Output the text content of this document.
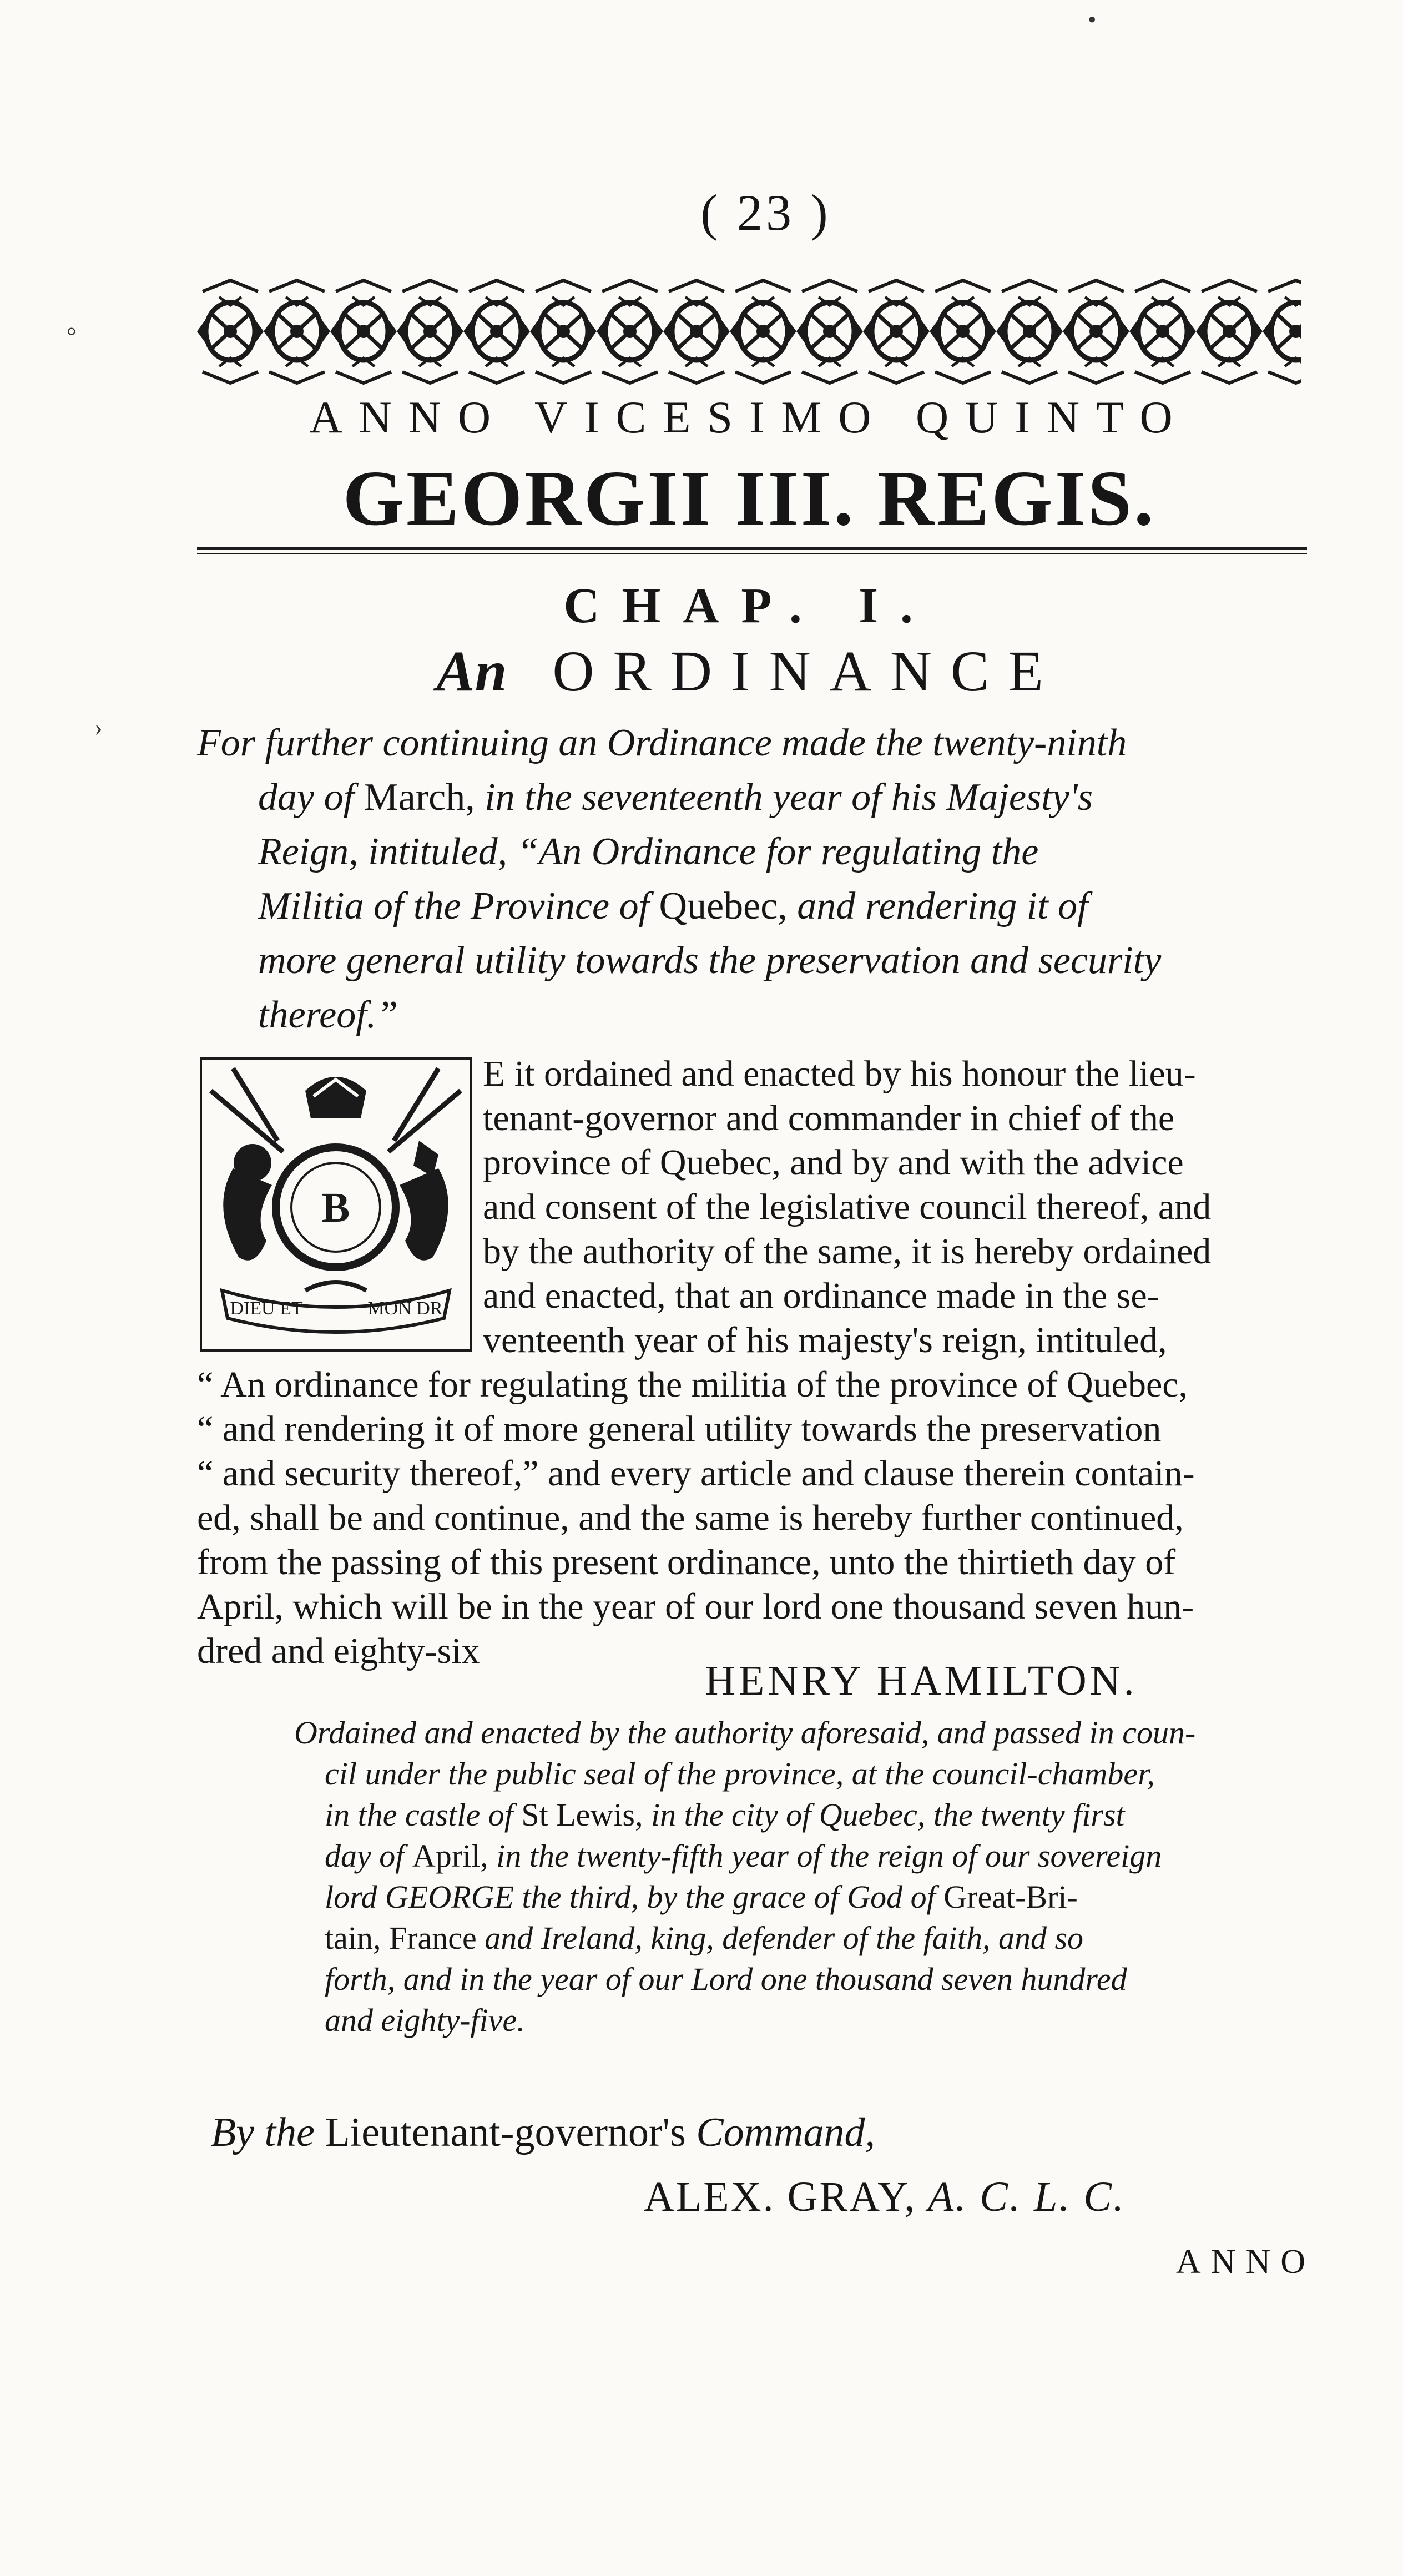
( 23 )
ANNO VICESIMO QUINTO
GEORGII III. REGIS.
CHAP. I.
An ORDINANCE
For further continuing an Ordinance made the twenty-ninth
day of March, in the seventeenth year of his Majesty's
Reign, intituled, “An Ordinance for regulating the
Militia of the Province of Quebec, and rendering it of
more general utility towards the preservation and security
thereof.”
B
DIEU ET	MON DR
E it ordained and enacted by his honour the lieu-
tenant-governor and commander in chief of the
province of Quebec, and by and with the advice
and consent of the legislative council thereof, and
by the authority of the same, it is hereby ordained
and enacted, that an ordinance made in the se-
venteenth year of his majesty's reign, intituled,
“ An ordinance for regulating the militia of the province of Quebec,
“ and rendering it of more general utility towards the preservation
“ and security thereof,” and every article and clause therein contain-
ed, shall be and continue, and the same is hereby further continued,
from the passing of this present ordinance, unto the thirtieth day of
April, which will be in the year of our lord one thousand seven hun-
dred and eighty-six
HENRY HAMILTON.
Ordained and enacted by the authority aforesaid, and passed in coun-
cil under the public seal of the province, at the council-chamber,
in the castle of St Lewis, in the city of Quebec, the twenty first
day of April, in the twenty-fifth year of the reign of our sovereign
lord GEORGE the third, by the grace of God of Great-Bri-
tain, France and Ireland, king, defender of the faith, and so
forth, and in the year of our Lord one thousand seven hundred
and eighty-five.
By the Lieutenant-governor's Command,
ALEX. GRAY, A. C. L. C.
ANNO
•
°
›
